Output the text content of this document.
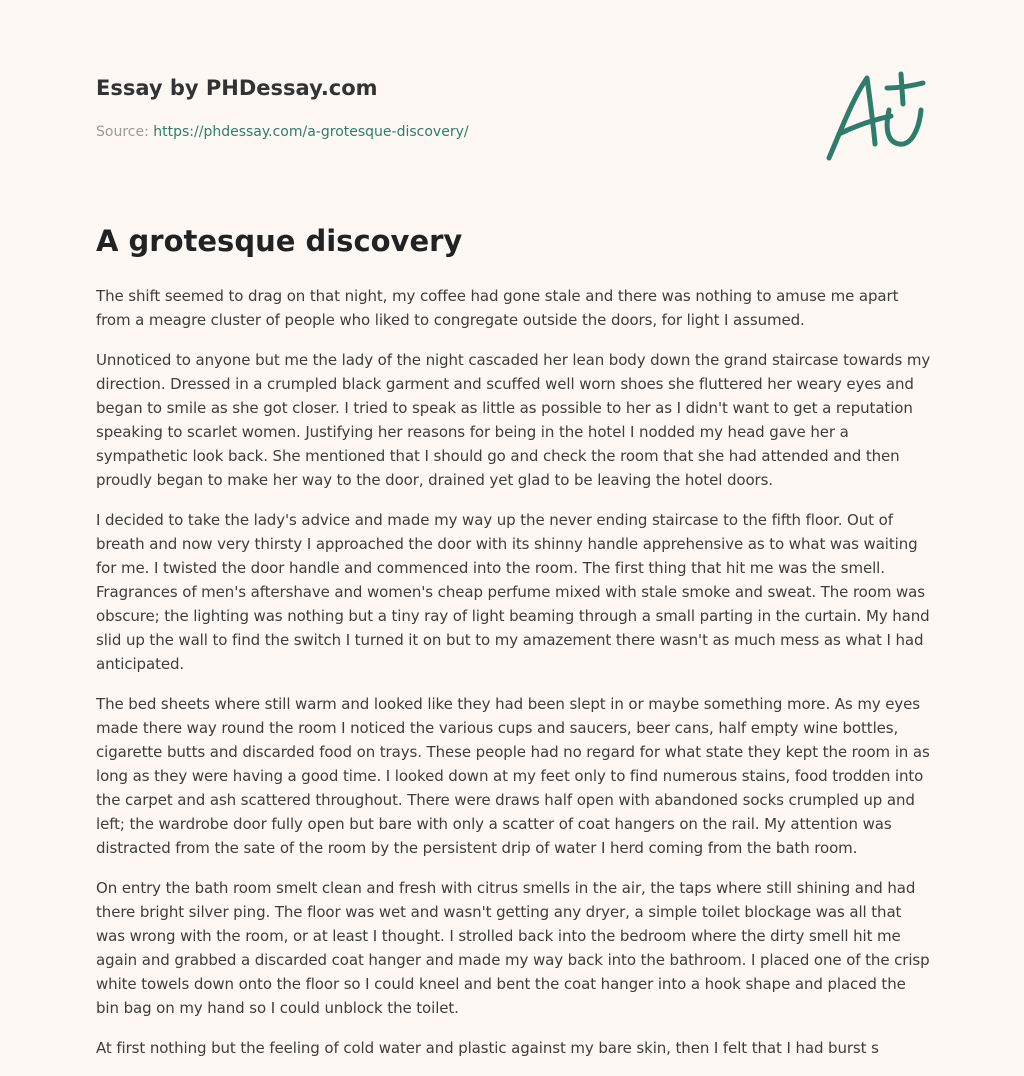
Essay by PHDessay.com
Source: https://phdessay.com/a-grotesque-discovery/
A grotesque discovery

The shift seemed to drag on that night, my coffee had gone stale and there was nothing to amuse me apart from a meagre cluster of people who liked to congregate outside the doors, for light I assumed.

Unnoticed to anyone but me the lady of the night cascaded her lean body down the grand staircase towards my direction. Dressed in a crumpled black garment and scuffed well worn shoes she fluttered her weary eyes and began to smile as she got closer. I tried to speak as little as possible to her as I didn't want to get a reputation speaking to scarlet women. Justifying her reasons for being in the hotel I nodded my head gave her a sympathetic look back. She mentioned that I should go and check the room that she had attended and then proudly began to make her way to the door, drained yet glad to be leaving the hotel doors.

I decided to take the lady's advice and made my way up the never ending staircase to the fifth floor. Out of breath and now very thirsty I approached the door with its shinny handle apprehensive as to what was waiting for me. I twisted the door handle and commenced into the room. The first thing that hit me was the smell. Fragrances of men's aftershave and women's cheap perfume mixed with stale smoke and sweat. The room was obscure; the lighting was nothing but a tiny ray of light beaming through a small parting in the curtain. My hand slid up the wall to find the switch I turned it on but to my amazement there wasn't as much mess as what I had anticipated.

The bed sheets where still warm and looked like they had been slept in or maybe something more. As my eyes made there way round the room I noticed the various cups and saucers, beer cans, half empty wine bottles, cigarette butts and discarded food on trays. These people had no regard for what state they kept the room in as long as they were having a good time. I looked down at my feet only to find numerous stains, food trodden into the carpet and ash scattered throughout. There were draws half open with abandoned socks crumpled up and left; the wardrobe door fully open but bare with only a scatter of coat hangers on the rail. My attention was distracted from the sate of the room by the persistent drip of water I herd coming from the bath room.

On entry the bath room smelt clean and fresh with citrus smells in the air, the taps where still shining and had there bright silver ping. The floor was wet and wasn't getting any dryer, a simple toilet blockage was all that was wrong with the room, or at least I thought. I strolled back into the bedroom where the dirty smell hit me again and grabbed a discarded coat hanger and made my way back into the bathroom. I placed one of the crisp white towels down onto the floor so I could kneel and bent the coat hanger into a hook shape and placed the bin bag on my hand so I could unblock the toilet.

At first nothing but the feeling of cold water and plastic against my bare skin, then I felt that I had burst s
